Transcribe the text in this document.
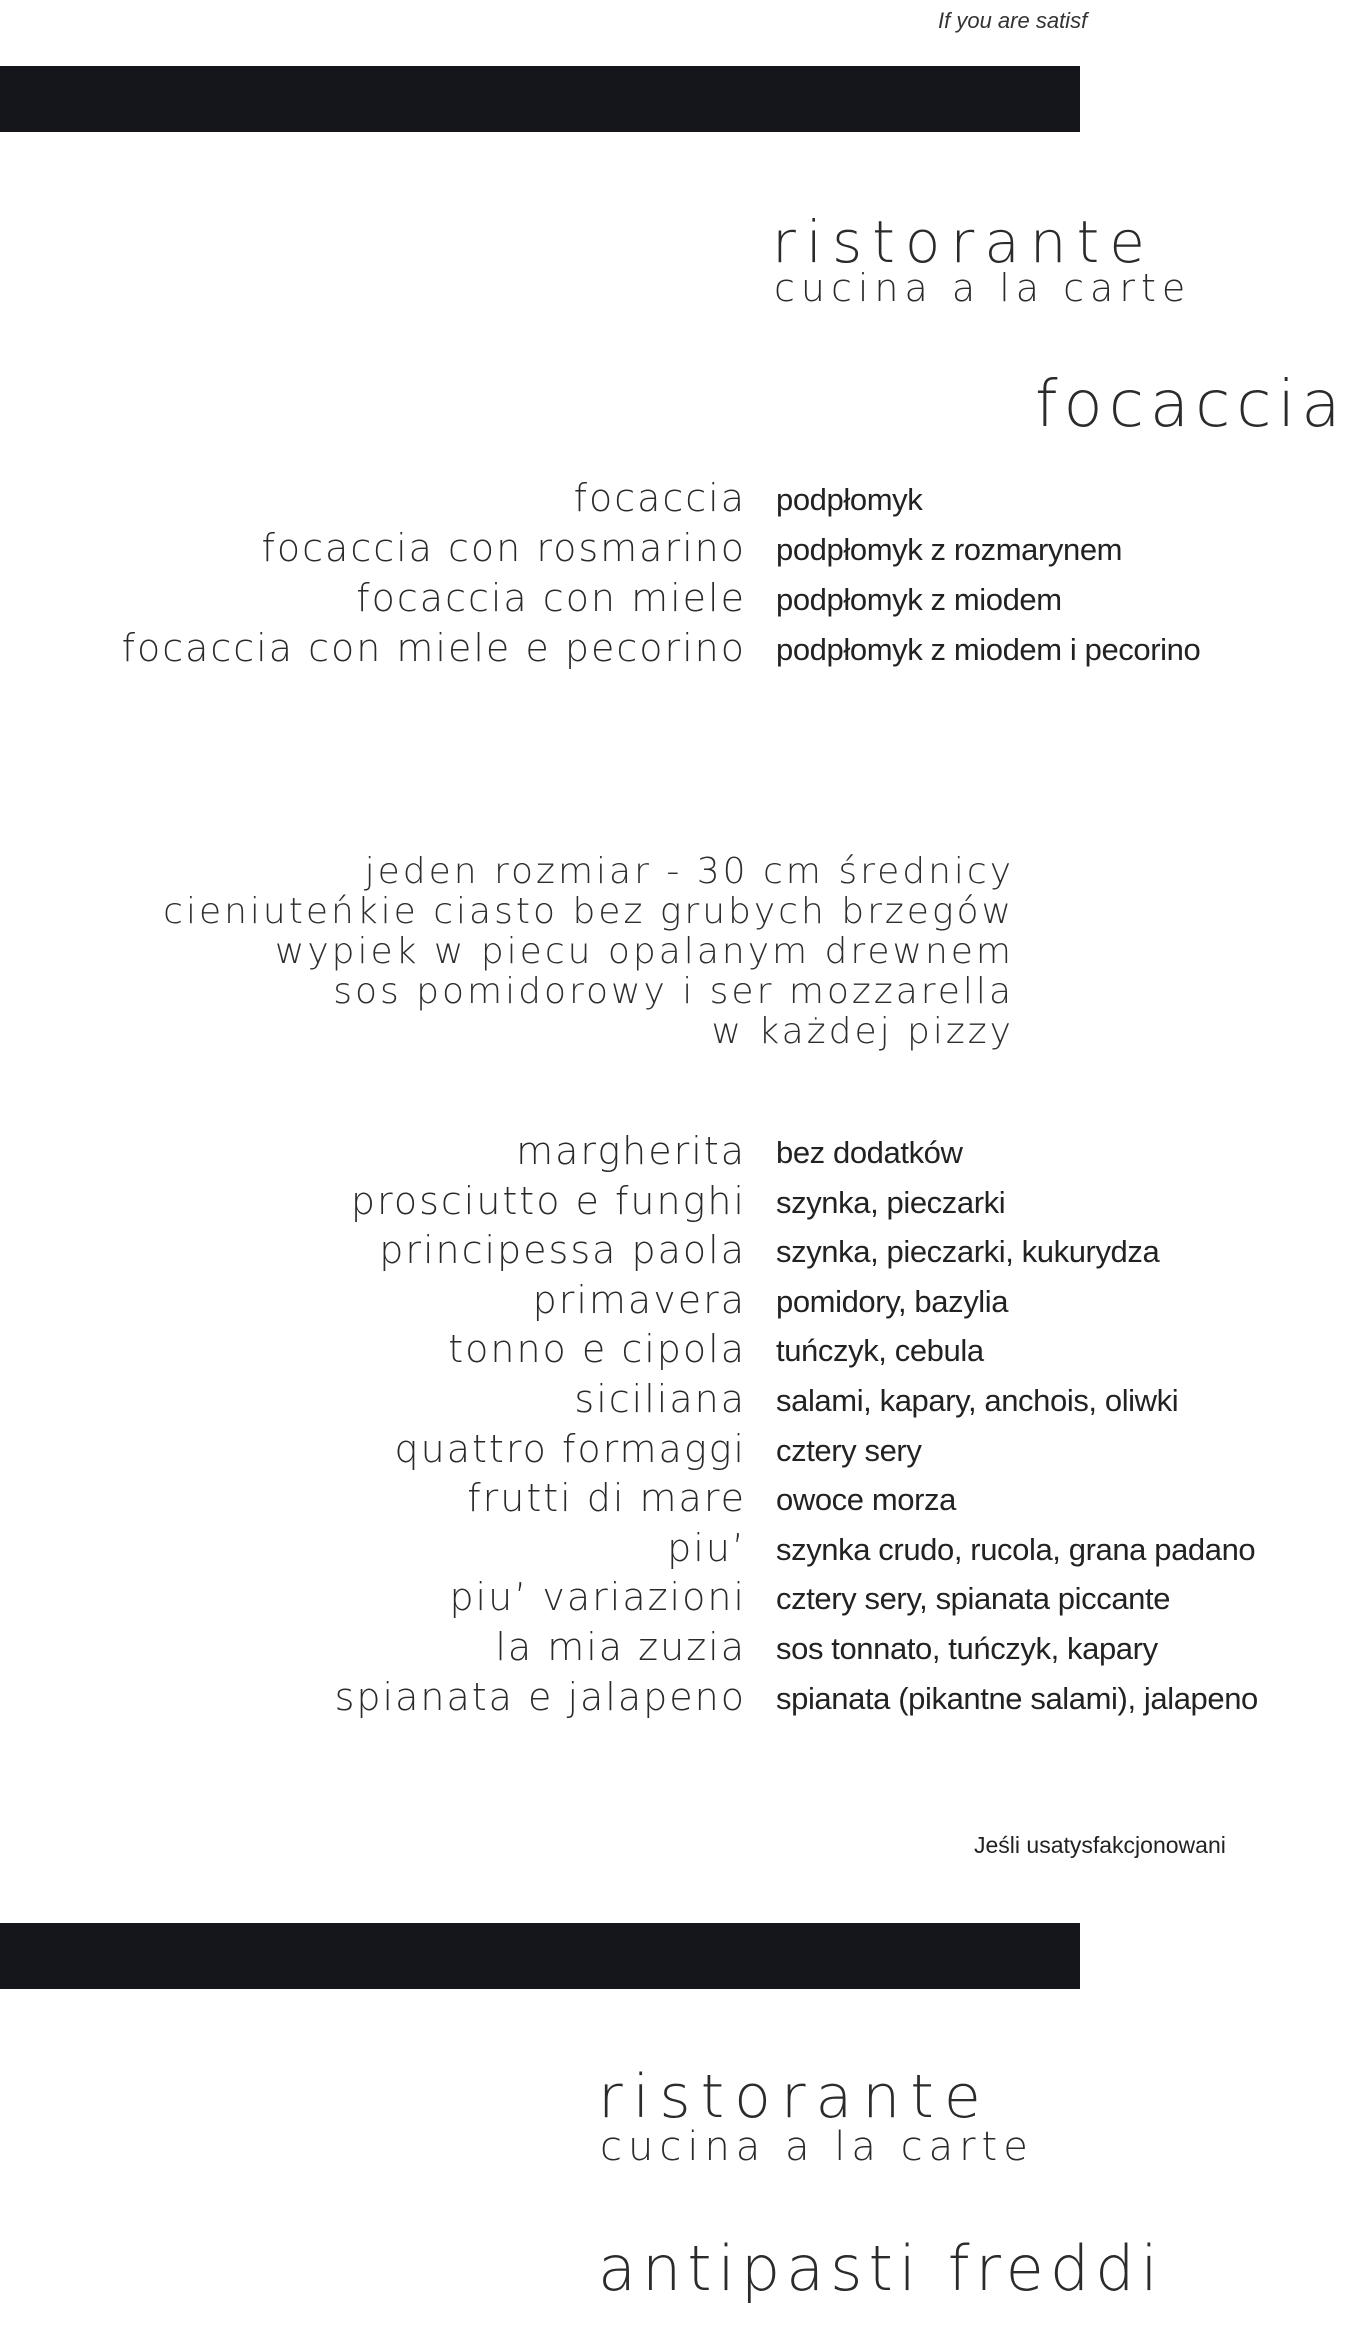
If you are satisf
ristorante
cucina a la carte
focaccia
focaccia podpłomyk
focaccia con rosmarino podpłomyk z rozmarynem
focaccia con miele podpłomyk z miodem
focaccia con miele e pecorino podpłomyk z miodem i pecorino
jeden rozmiar - 30 cm średnicy
cieniuteńkie ciasto bez grubych brzegów
wypiek w piecu opalanym drewnem
sos pomidorowy i ser mozzarella
w każdej pizzy
margherita bez dodatków
prosciutto e funghi szynka, pieczarki
principessa paola szynka, pieczarki, kukurydza
primavera pomidory, bazylia
tonno e cipola tuńczyk, cebula
siciliana salami, kapary, anchois, oliwki
quattro formaggi cztery sery
frutti di mare owoce morza
piu’ szynka crudo, rucola, grana padano
piu’ variazioni cztery sery, spianata piccante
la mia zuzia sos tonnato, tuńczyk, kapary
spianata e jalapeno spianata (pikantne salami), jalapeno
Jeśli usatysfakcjonowani
ristorante
cucina a la carte
antipasti freddi
